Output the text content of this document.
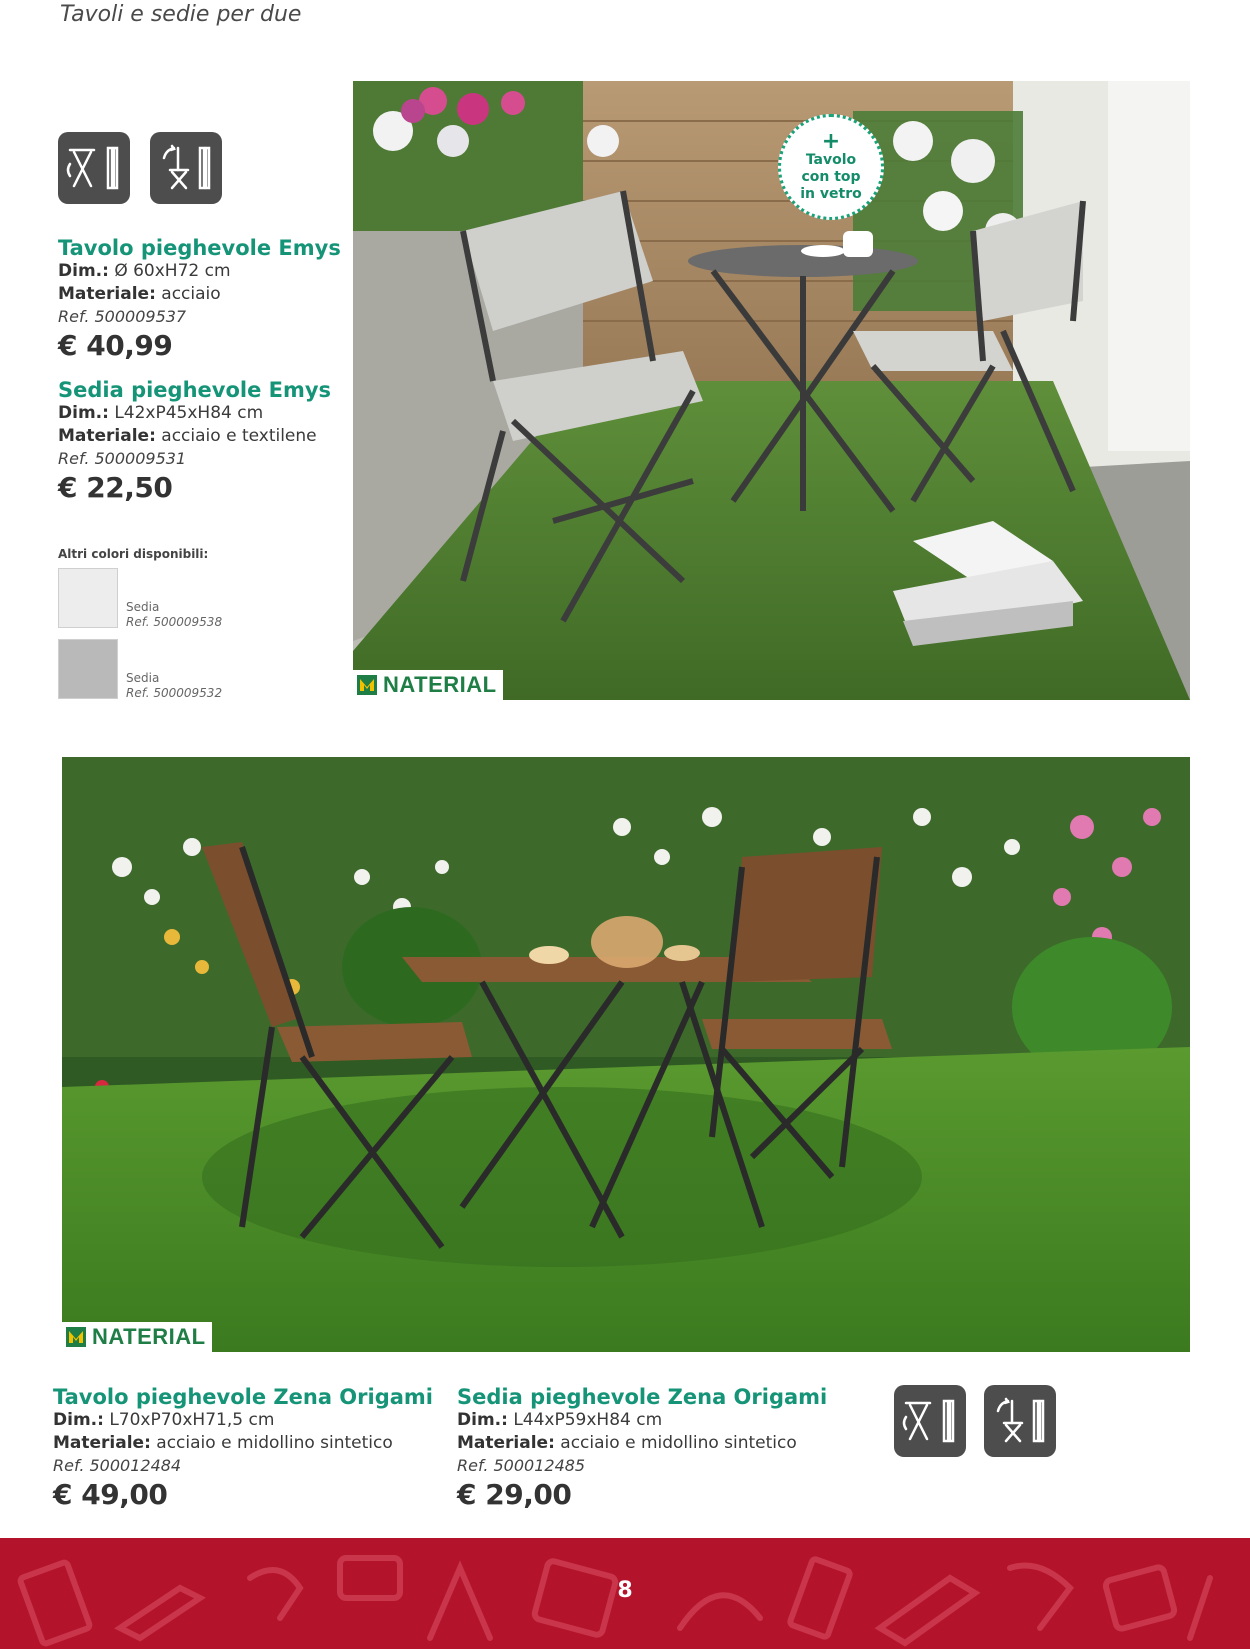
Tavoli e sedie per due
Tavolo pieghevole Emys
Dim.: Ø 60xH72 cm
Materiale: acciaio
Ref. 500009537
€ 40,99
Sedia pieghevole Emys
Dim.: L42xP45xH84 cm
Materiale: acciaio e textilene
Ref. 500009531
€ 22,50
Altri colori disponibili:
Sedia
Ref. 500009538
Sedia
Ref. 500009532	NATERIAL
+
Tavolo
con top
in vetro
NATERIAL
Tavolo pieghevole Zena Origami
Dim.: L70xP70xH71,5 cm
Materiale: acciaio e midollino sintetico
Ref. 500012484
€ 49,00
Sedia pieghevole Zena Origami
Dim.: L44xP59xH84 cm
Materiale: acciaio e midollino sintetico
Ref. 500012485
€ 29,00
8
